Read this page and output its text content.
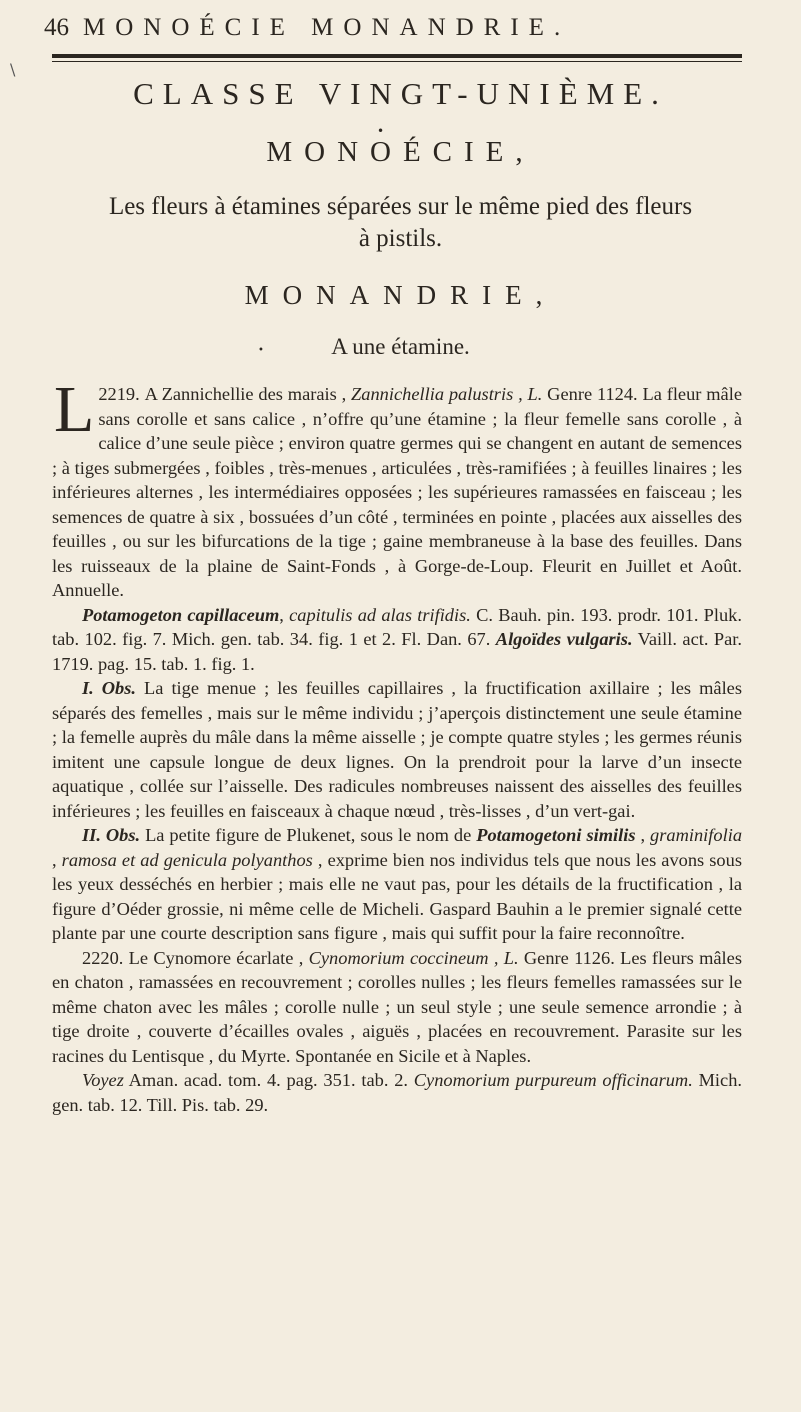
46 MONOÉCIE MONANDRIE.
\
CLASSE VINGT-UNIÈME.
•
MONOÉCIE,
Les fleurs à étamines séparées sur le même pied des fleurs
à pistils.
MONANDRIE,
•	A une étamine.

2219.
L	A Zannichellie des marais , Zannichellia palustris , L. Genre 1124. La fleur mâle sans corolle et sans calice , n’offre qu’une étamine ; la fleur femelle sans corolle , à calice d’une seule pièce ; environ quatre germes qui se changent en autant de semences ; à tiges submergées , foibles , très-menues , articulées , très-ramifiées ; à feuilles linaires ; les inférieures alternes , les intermédiaires opposées ; les supérieures ramassées en faisceau ; les semences de quatre à six , bossuées d’un côté , terminées en pointe , placées aux aisselles des feuilles , ou sur les bifurcations de la tige ; gaine membraneuse à la base des feuilles. Dans les ruisseaux de la plaine de Saint-Fonds , à Gorge-de-Loup. Fleurit en Juillet et Août. Annuelle.

Potamogeton capillaceum, capitulis ad alas trifidis. C. Bauh. pin. 193. prodr. 101. Pluk. tab. 102. fig. 7. Mich. gen. tab. 34. fig. 1 et 2. Fl. Dan. 67. Algoïdes vulgaris. Vaill. act. Par. 1719. pag. 15. tab. 1. fig. 1.

I. Obs. La tige menue ; les feuilles capillaires , la fructification axillaire ; les mâles séparés des femelles , mais sur le même individu ; j’aperçois distinctement une seule étamine ; la femelle auprès du mâle dans la même aisselle ; je compte quatre styles ; les germes réunis imitent une capsule longue de deux lignes. On la prendroit pour la larve d’un insecte aquatique , collée sur l’aisselle. Des radicules nombreuses naissent des aisselles des feuilles inférieures ; les feuilles en faisceaux à chaque nœud , très-lisses , d’un vert-gai.

II. Obs. La petite figure de Plukenet, sous le nom de Potamogetoni similis , graminifolia , ramosa et ad genicula polyanthos , exprime bien nos individus tels que nous les avons sous les yeux desséchés en herbier ; mais elle ne vaut pas, pour les détails de la fructification , la figure d’Oéder grossie, ni même celle de Micheli. Gaspard Bauhin a le premier signalé cette plante par une courte description sans figure , mais qui suffit pour la faire reconnoître.

2220. Le Cynomore écarlate , Cynomorium coccineum , L. Genre 1126. Les fleurs mâles en chaton , ramassées en recouvrement ; corolles nulles ; les fleurs femelles ramassées sur le même chaton avec les mâles ; corolle nulle ; un seul style ; une seule semence arrondie ; à tige droite , couverte d’écailles ovales , aiguës , placées en recouvrement. Parasite sur les racines du Lentisque , du Myrte. Spontanée en Sicile et à Naples.

Voyez Aman. acad. tom. 4. pag. 351. tab. 2. Cynomorium purpureum officinarum. Mich. gen. tab. 12. Till. Pis. tab. 29.
